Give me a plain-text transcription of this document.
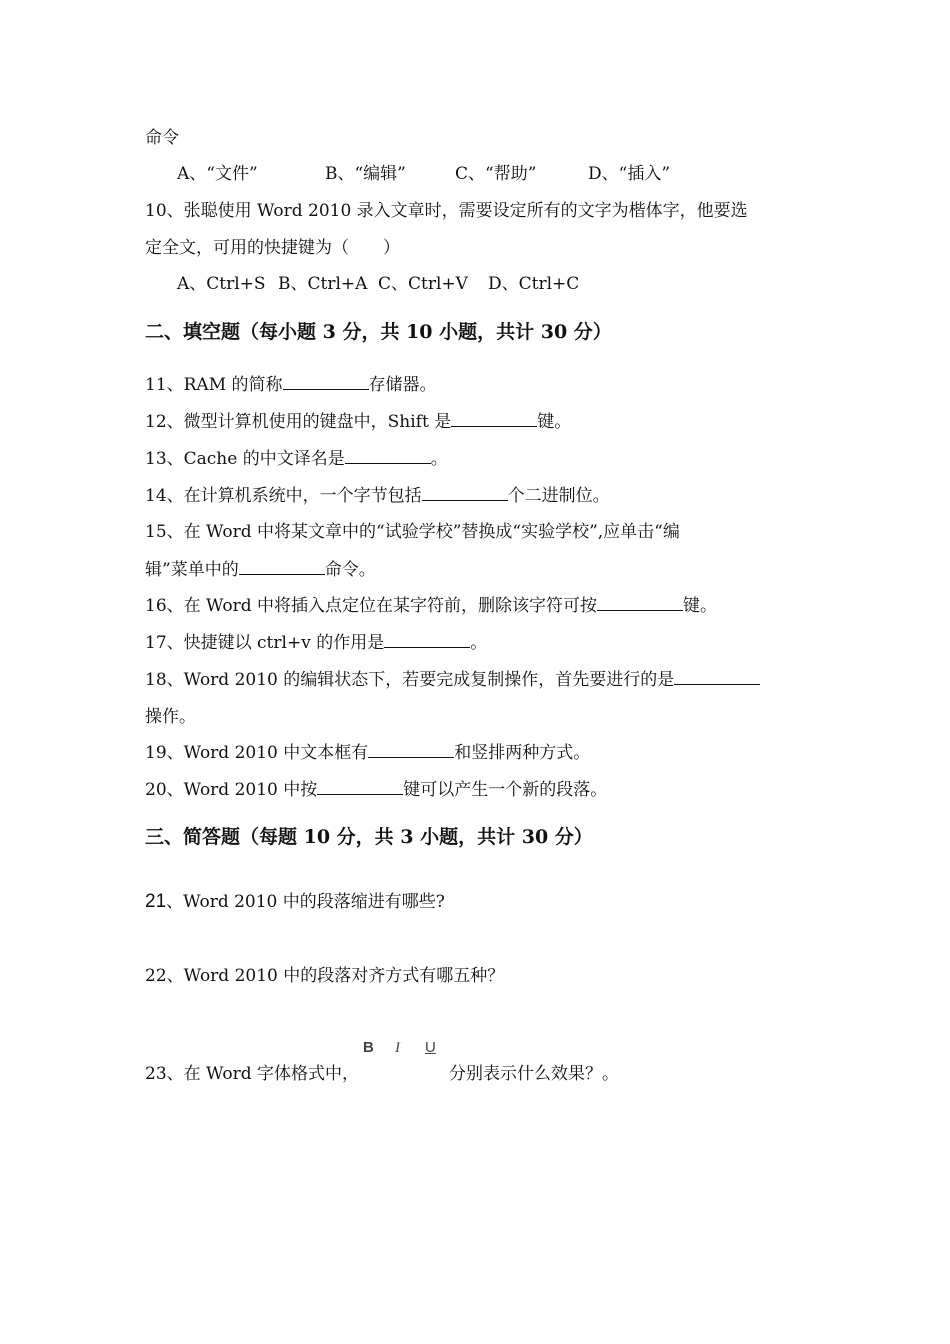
命令
A、“文件”	B、“编辑”	C、“帮助”	D、“插入”
10、张聪使用 Word 2010 录入文章时，需要设定所有的文字为楷体字，他要选
定全文，可用的快捷键为（　　）
A、Ctrl+S B、Ctrl+A C、Ctrl+V D、Ctrl+C
二、填空题（每小题 3 分，共 10 小题，共计 30 分）
11、RAM 的简称	存储器。
12、微型计算机使用的键盘中，Shift 是	键。
13、Cache 的中文译名是	。
14、在计算机系统中，一个字节包括	个二进制位。
15、在 Word 中将某文章中的“试验学校”替换成“实验学校”,应单击“编
辑”菜单中的	命令。
16、在 Word 中将插入点定位在某字符前，删除该字符可按	键。
17、快捷键以 ctrl+v 的作用是	。
18、Word 2010 的编辑状态下，若要完成复制操作，首先要进行的是
操作。
19、Word 2010 中文本框有	和竖排两种方式。
20、Word 2010 中按	键可以产生一个新的段落。
三、简答题（每题 10 分，共 3 小题，共计 30 分）
21、Word 2010 中的段落缩进有哪些?
22、Word 2010 中的段落对齐方式有哪五种？
23、在 Word 字体格式中，
B I U
分别表示什么效果？。
